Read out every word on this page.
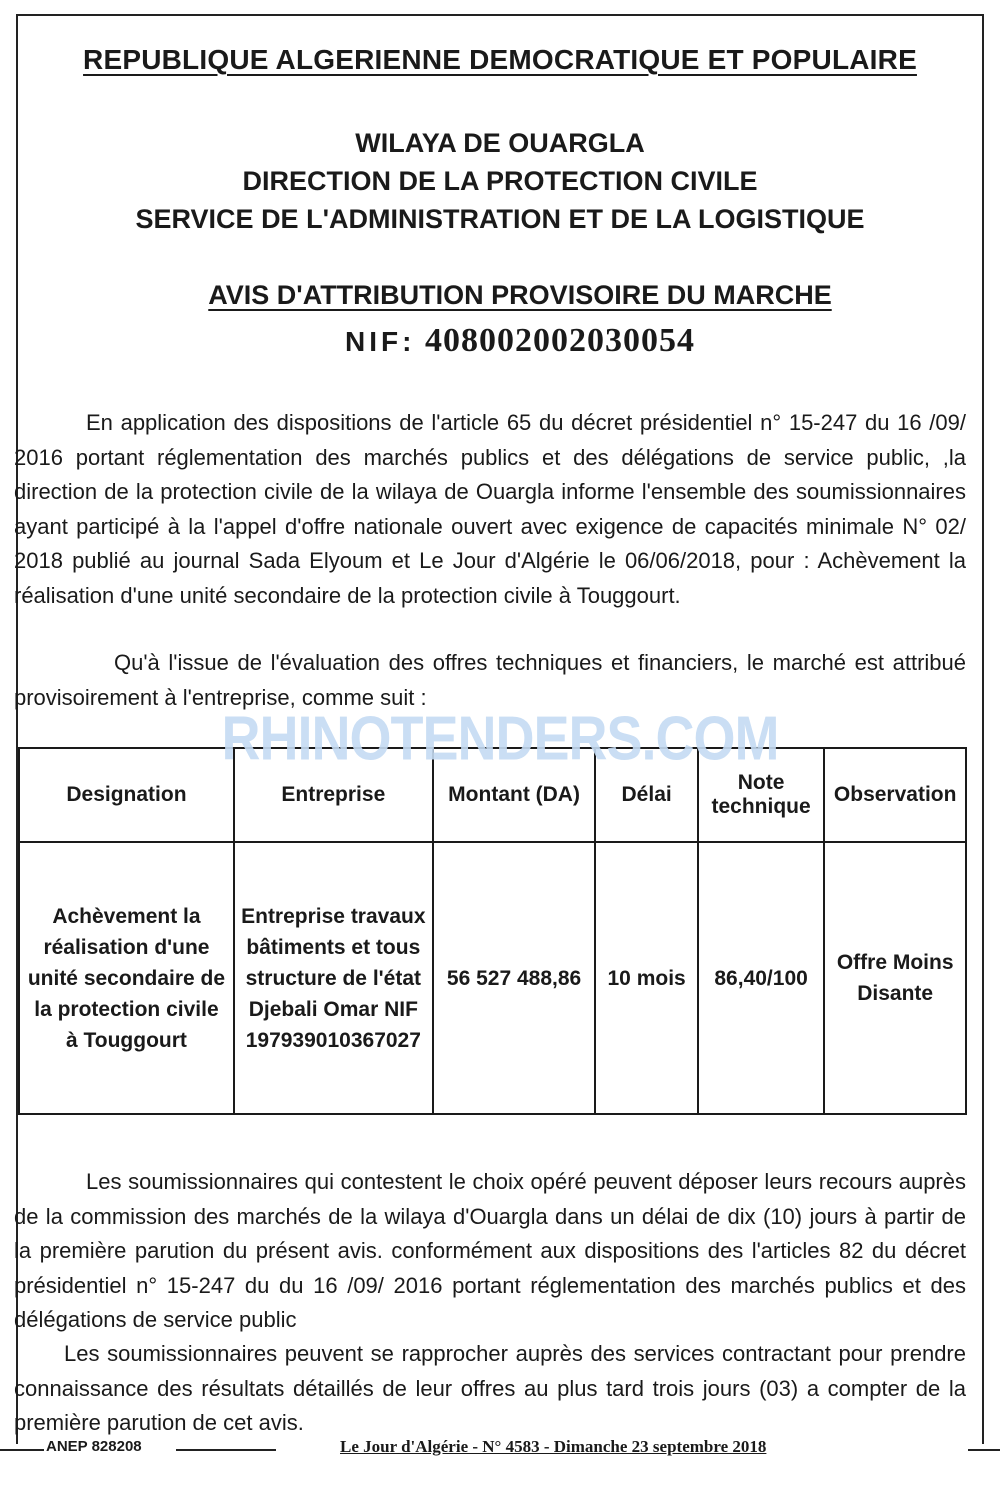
REPUBLIQUE ALGERIENNE DEMOCRATIQUE ET POPULAIRE
WILAYA DE OUARGLA
DIRECTION DE LA PROTECTION CIVILE
SERVICE DE L'ADMINISTRATION ET DE LA LOGISTIQUE
AVIS D'ATTRIBUTION PROVISOIRE DU MARCHE
NIF: 408002002030054
En application des dispositions de l'article 65 du décret présidentiel n° 15-247 du 16 /09/ 2016 portant réglementation des marchés publics et des délégations de service public, ,la direction de la protection civile de la wilaya de Ouargla informe l'ensemble des soumissionnaires ayant participé à la l'appel d'offre nationale ouvert avec exigence de capacités minimale N° 02/ 2018 publié au journal Sada Elyoum et Le Jour d'Algérie le 06/06/2018, pour : Achèvement la réalisation d'une unité secondaire de la protection civile à Touggourt.
Qu'à l'issue de l'évaluation des offres techniques et financiers, le marché est attribué provisoirement à l'entreprise, comme suit :
Designation	Entreprise	Montant (DA)	Délai	Note technique	Observation
Achèvement la réalisation d'une unité secondaire de la protection civile à Touggourt	Entreprise travaux bâtiments et tous structure de l'état Djebali Omar NIF 197939010367027	56 527 488,86	10 mois	86,40/100	Offre Moins Disante
RHINOTENDERS.COM
Les soumissionnaires qui contestent le choix opéré peuvent déposer leurs recours auprès de la commission des marchés de la wilaya d'Ouargla dans un délai de dix (10) jours à partir de la première parution du présent avis. conformément aux dispositions des l'articles 82 du décret présidentiel n° 15-247 du du 16 /09/ 2016 portant réglementation des marchés publics et des délégations de service public
Les soumissionnaires peuvent se rapprocher auprès des services contractant pour prendre connaissance des résultats détaillés de leur offres au plus tard trois jours (03) a compter de la première parution de cet avis.
ANEP 828208	Le Jour d'Algérie - N° 4583 - Dimanche 23 septembre 2018
